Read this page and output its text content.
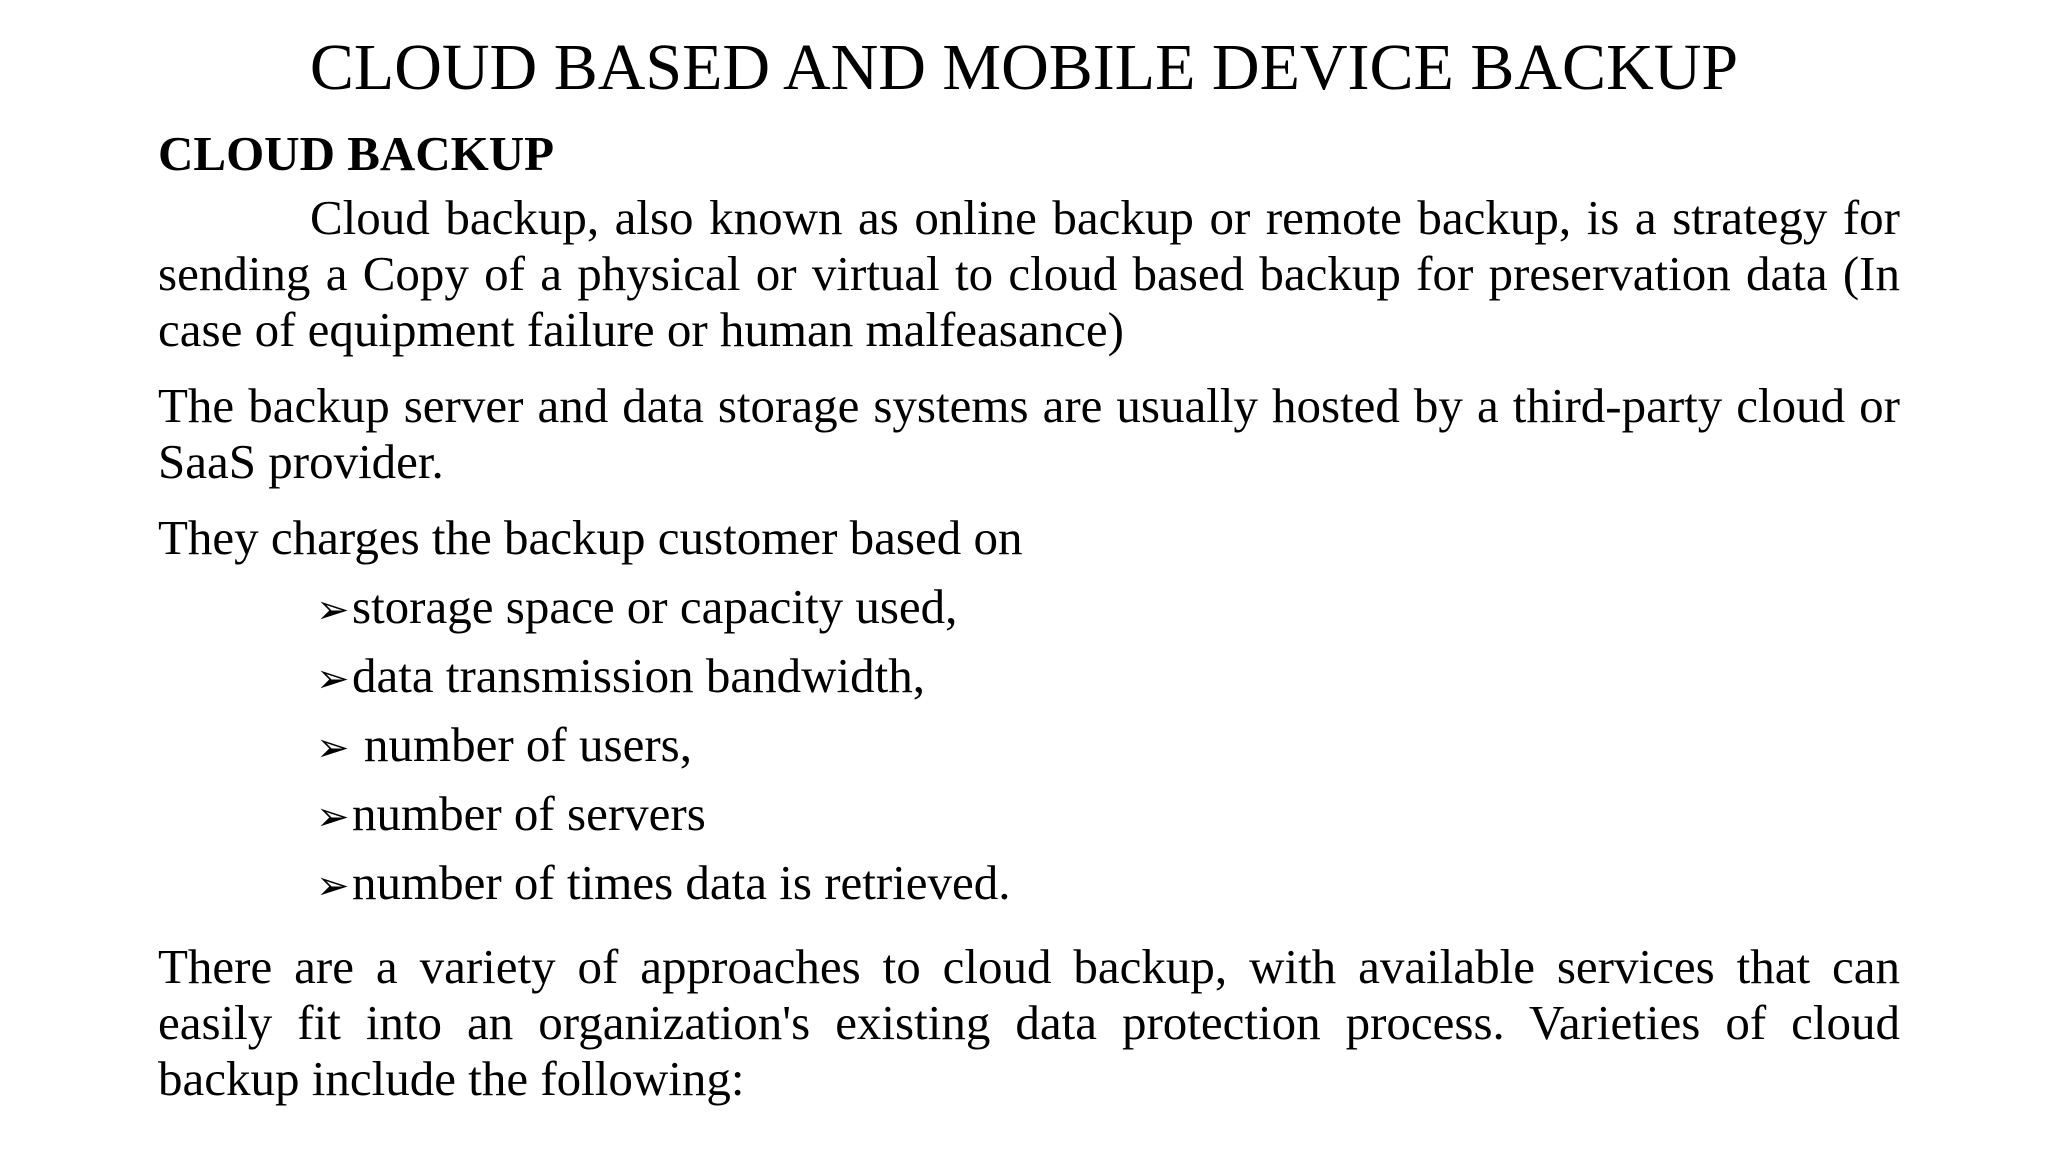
CLOUD BASED AND MOBILE DEVICE BACKUP
CLOUD BACKUP

Cloud backup, also known as online backup or remote backup, is a strategy for sending a Copy of a physical or virtual to cloud based backup for preservation data (In case of equipment failure or human malfeasance)

The backup server and data storage systems are usually hosted by a third-party cloud or SaaS provider.

They charges the backup customer based on

➢ storage space or capacity used,
➢ data transmission bandwidth,
➢ number of users,
➢ number of servers
➢ number of times data is retrieved.

There are a variety of approaches to cloud backup, with available services that can easily fit into an organization's existing data protection process. Varieties of cloud backup include the following:
